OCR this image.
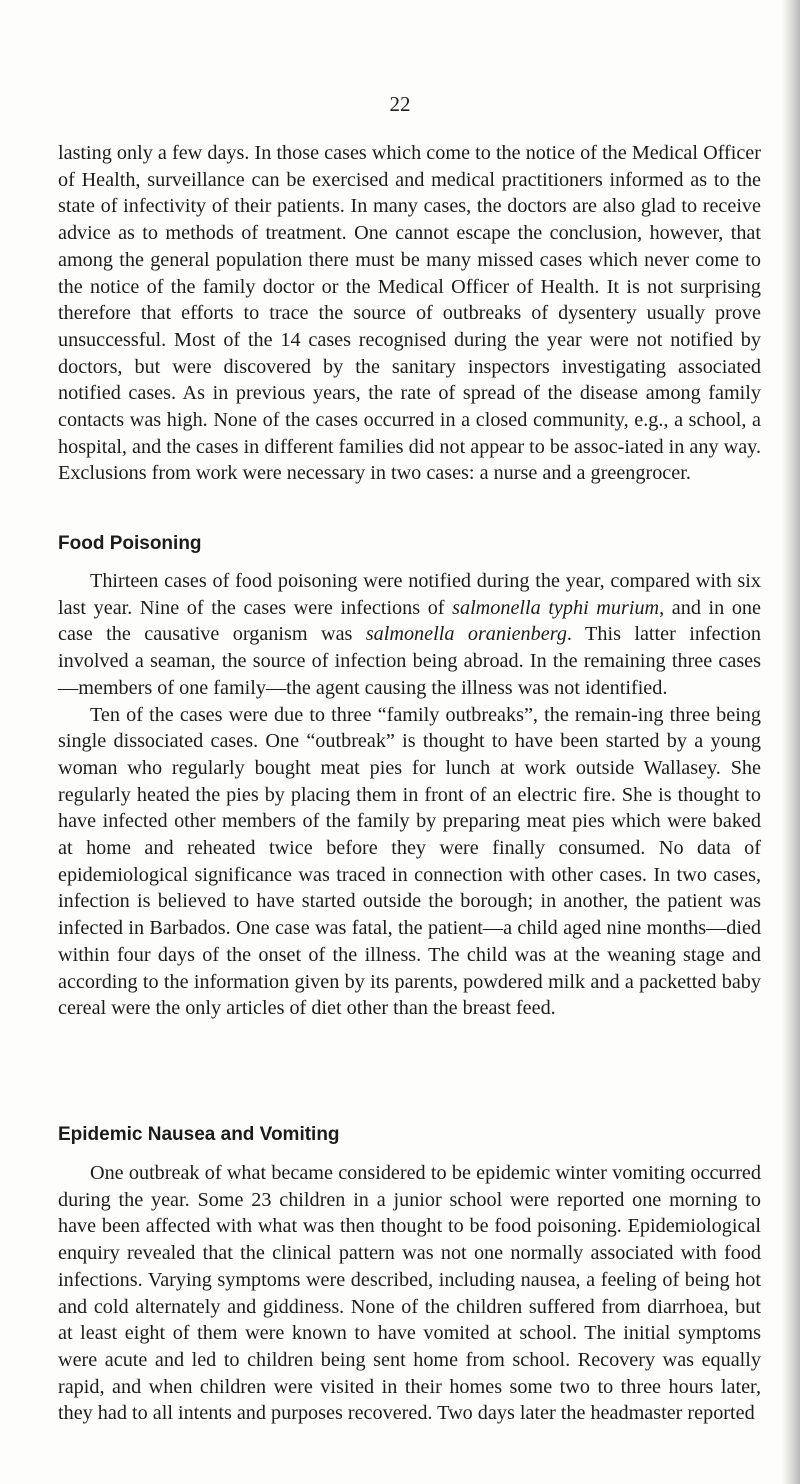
22

lasting only a few days. In those cases which come to the notice of the Medical Officer of Health, surveillance can be exercised and medical practitioners informed as to the state of infectivity of their patients. In many cases, the doctors are also glad to receive advice as to methods of treatment. One cannot escape the conclusion, however, that among the general population there must be many missed cases which never come to the notice of the family doctor or the Medical Officer of Health. It is not surprising therefore that efforts to trace the source of outbreaks of dysentery usually prove unsuccessful. Most of the 14 cases recognised during the year were not notified by doctors, but were discovered by the sanitary inspectors investigating associated notified cases. As in previous years, the rate of spread of the disease among family contacts was high. None of the cases occurred in a closed community, e.g., a school, a hospital, and the cases in different families did not appear to be assoc-iated in any way. Exclusions from work were necessary in two cases: a nurse and a greengrocer.

Food Poisoning

Thirteen cases of food poisoning were notified during the year, compared with six last year. Nine of the cases were infections of salmonella typhi murium, and in one case the causative organism was salmonella oranienberg. This latter infection involved a seaman, the source of infection being abroad. In the remaining three cases—members of one family—the agent causing the illness was not identified.

Ten of the cases were due to three “family outbreaks”, the remain-ing three being single dissociated cases. One “outbreak” is thought to have been started by a young woman who regularly bought meat pies for lunch at work outside Wallasey. She regularly heated the pies by placing them in front of an electric fire. She is thought to have infected other members of the family by preparing meat pies which were baked at home and reheated twice before they were finally consumed. No data of epidemiological significance was traced in connection with other cases. In two cases, infection is believed to have started outside the borough; in another, the patient was infected in Barbados. One case was fatal, the patient—a child aged nine months—died within four days of the onset of the illness. The child was at the weaning stage and according to the information given by its parents, powdered milk and a packetted baby cereal were the only articles of diet other than the breast feed.

Epidemic Nausea and Vomiting

One outbreak of what became considered to be epidemic winter vomiting occurred during the year. Some 23 children in a junior school were reported one morning to have been affected with what was then thought to be food poisoning. Epidemiological enquiry revealed that the clinical pattern was not one normally associated with food infections. Varying symptoms were described, including nausea, a feeling of being hot and cold alternately and giddiness. None of the children suffered from diarrhoea, but at least eight of them were known to have vomited at school. The initial symptoms were acute and led to children being sent home from school. Recovery was equally rapid, and when children were visited in their homes some two to three hours later, they had to all intents and purposes recovered. Two days later the headmaster reported
